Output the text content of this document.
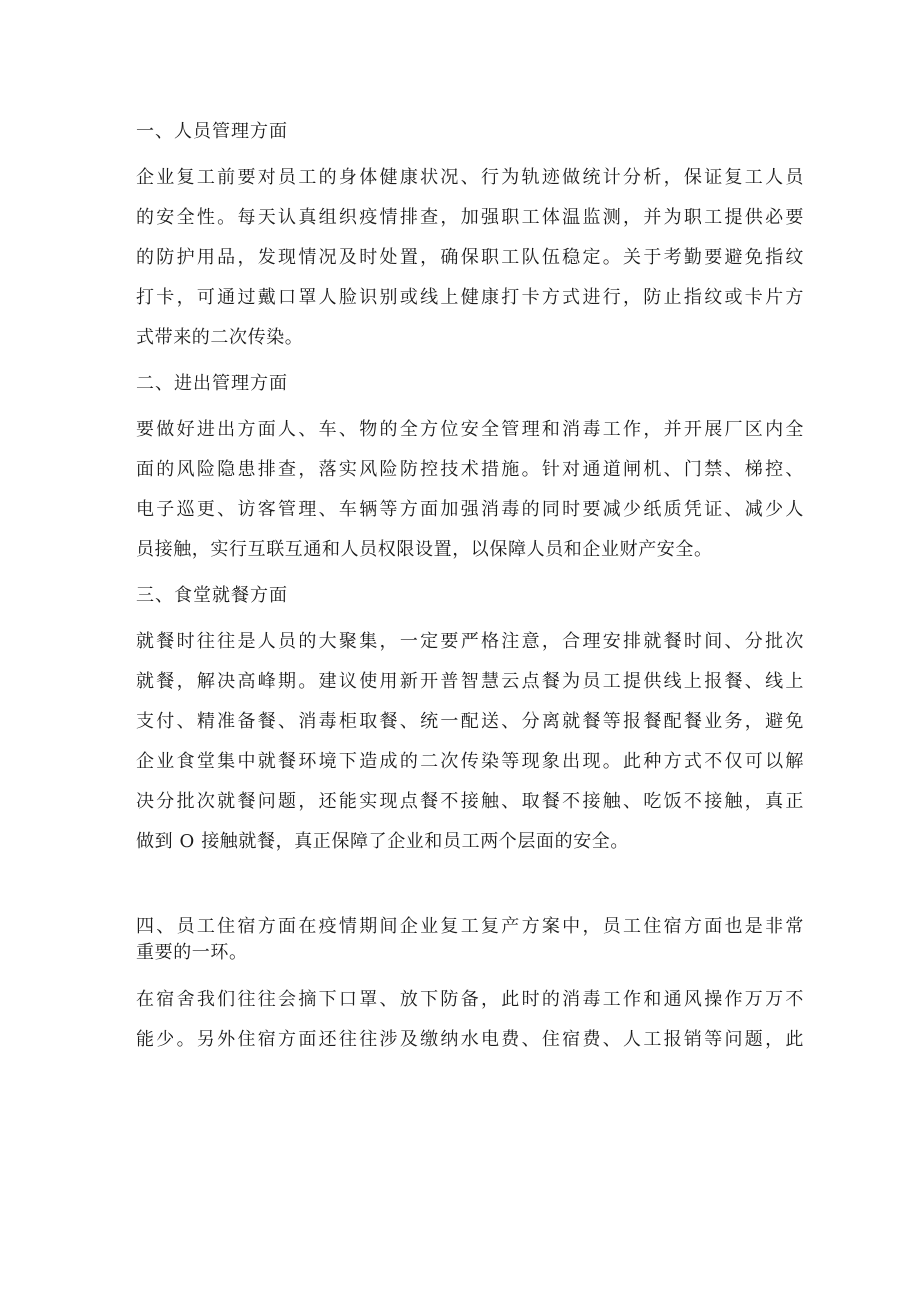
一、人员管理方面
企业复工前要对员工的身体健康状况、行为轨迹做统计分析，保证复工人员
的安全性。每天认真组织疫情排查，加强职工体温监测，并为职工提供必要
的防护用品，发现情况及时处置，确保职工队伍稳定。关于考勤要避免指纹
打卡，可通过戴口罩人脸识别或线上健康打卡方式进行，防止指纹或卡片方
式带来的二次传染。
二、进出管理方面
要做好进出方面人、车、物的全方位安全管理和消毒工作，并开展厂区内全
面的风险隐患排查，落实风险防控技术措施。针对通道闸机、门禁、梯控、
电子巡更、访客管理、车辆等方面加强消毒的同时要减少纸质凭证、减少人
员接触，实行互联互通和人员权限设置，以保障人员和企业财产安全。
三、食堂就餐方面
就餐时往往是人员的大聚集，一定要严格注意，合理安排就餐时间、分批次
就餐，解决高峰期。建议使用新开普智慧云点餐为员工提供线上报餐、线上
支付、精准备餐、消毒柜取餐、统一配送、分离就餐等报餐配餐业务，避免
企业食堂集中就餐环境下造成的二次传染等现象出现。此种方式不仅可以解
决分批次就餐问题，还能实现点餐不接触、取餐不接触、吃饭不接触，真正
做到 O 接触就餐，真正保障了企业和员工两个层面的安全。
四、员工住宿方面在疫情期间企业复工复产方案中，员工住宿方面也是非常
重要的一环。
在宿舍我们往往会摘下口罩、放下防备，此时的消毒工作和通风操作万万不
能少。另外住宿方面还往往涉及缴纳水电费、住宿费、人工报销等问题，此
